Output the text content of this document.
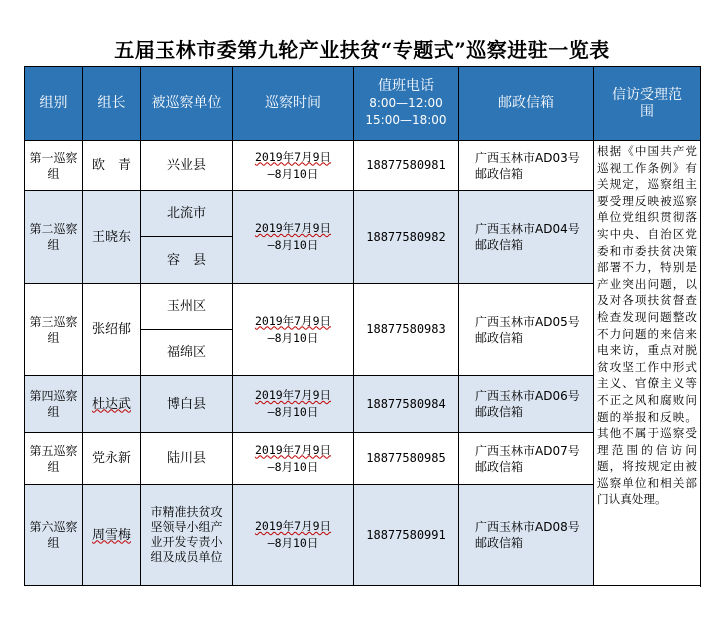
五届玉林市委第九轮产业扶贫“专题式”巡察进驻一览表
组别	组长	被巡察单位	巡察时间	值班电话
8:00—12:00
15:00—18:00	邮政信箱	信访受理范围
第一巡察组	欧　青	兴业县	2019年7月9日
—8月10日	18877580981	广西玉林市AD03号邮政信箱	根据《中国共产党巡视工作条例》有关规定，巡察组主要受理反映被巡察单位党组织贯彻落实中央、自治区党委和市委扶贫决策部署不力，特别是产业突出问题，以及对各项扶贫督查检查发现问题整改不力问题的来信来电来访，重点对脱贫攻坚工作中形式主义、官僚主义等不正之风和腐败问题的举报和反映。其他不属于巡察受理范围的信访问题，将按规定由被巡察单位和相关部门认真处理。
第二巡察组	王晓东	北流市	2019年7月9日
—8月10日	18877580982	广西玉林市AD04号邮政信箱	
		容　县				
第三巡察组	张绍郁	玉州区	2019年7月9日
—8月10日	18877580983	广西玉林市AD05号邮政信箱	
		福绵区				
第四巡察组	杜达武	博白县	2019年7月9日
—8月10日	18877580984	广西玉林市AD06号邮政信箱	
第五巡察组	党永新	陆川县	2019年7月9日
—8月10日	18877580985	广西玉林市AD07号邮政信箱	
第六巡察组	周雪梅	市精准扶贫攻坚领导小组产业开发专责小组及成员单位	2019年7月9日
—8月10日	18877580991	广西玉林市AD08号邮政信箱	
